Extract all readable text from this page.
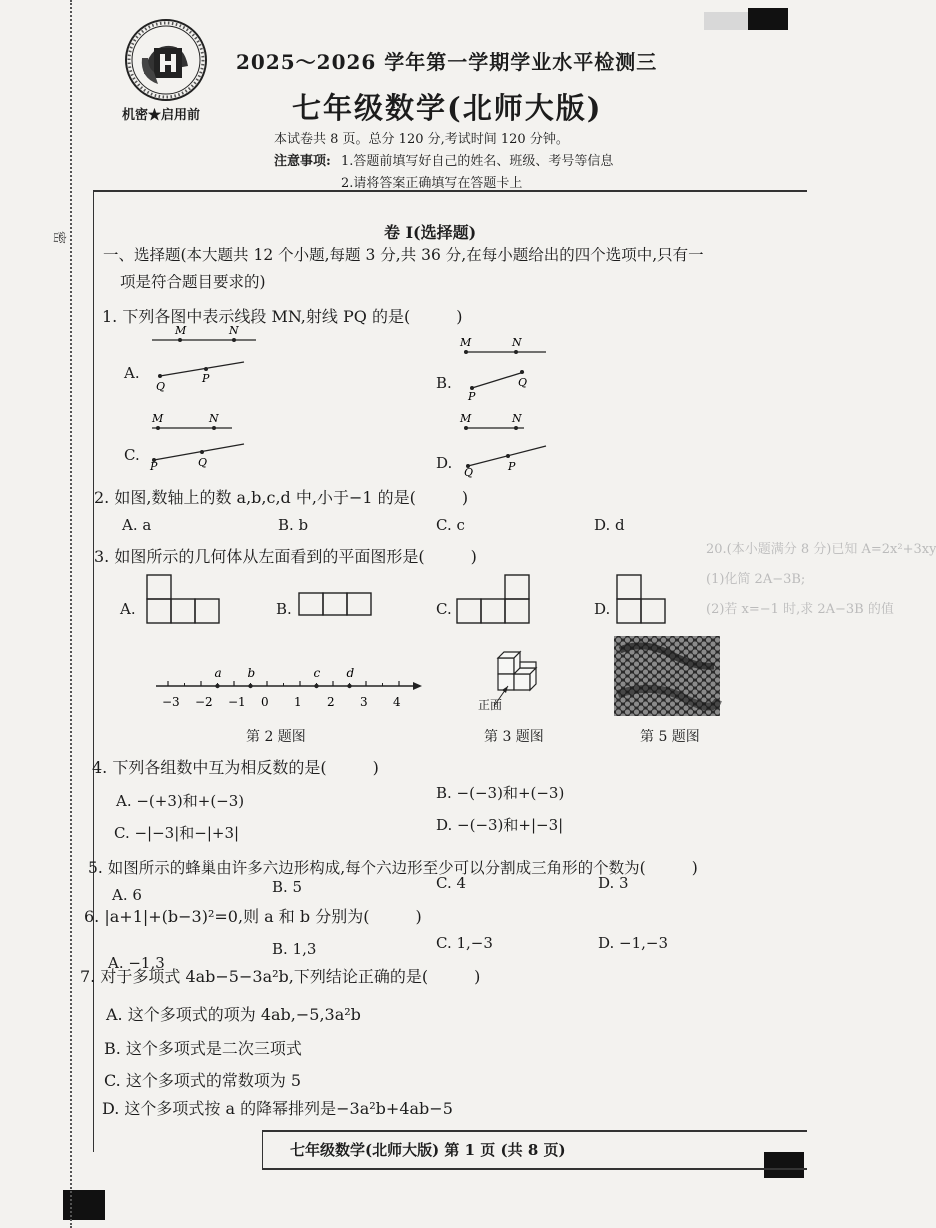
密
20.(本小题满分 8 分)已知 A=2x²+3xy
(1)化简 2A−3B;
(2)若 x=−1 时,求 2A−3B 的值
机密★启用前
2025～2026 学年第一学期学业水平检测三
七年级数学(北师大版)
本试卷共 8 页。总分 120 分,考试时间 120 分钟。
注意事项: 1.答题前填写好自己的姓名、班级、考号等信息
2.请将答案正确填写在答题卡上
卷 I(选择题)
一、选择题(本大题共 12 个小题,每题 3 分,共 36 分,在每小题给出的四个选项中,只有一
项是符合题目要求的)
1. 下列各图中表示线段 MN,射线 PQ 的是(	)
A.
B.
C.	D.
M	N
Q
P
M	N
P
Q
M	N
P	Q
M	N
Q	P
2. 如图,数轴上的数 a,b,c,d 中,小于−1 的是(	)
A. a	B. b	C. c	D. d
3. 如图所示的几何体从左面看到的平面图形是(	)
A.	B.	C.	D.
−3 −2 −1 0 1 2 3 4
a b	c d
正面
第 2 题图	第 3 题图	第 5 题图
4. 下列各组数中互为相反数的是(	)
A. −(+3)和+(−3)	B. −(−3)和+(−3)
C. −|−3|和−|+3|	D. −(−3)和+|−3|
5. 如图所示的蜂巢由许多六边形构成,每个六边形至少可以分割成三角形的个数为(	)
A. 6	B. 5	C. 4	D. 3
6. |a+1|+(b−3)²=0,则 a 和 b 分别为(	)
A. −1,3
B. 1,3	C. 1,−3	D. −1,−3
7. 对于多项式 4ab−5−3a²b,下列结论正确的是(	)
A. 这个多项式的项为 4ab,−5,3a²b
B. 这个多项式是二次三项式
C. 这个多项式的常数项为 5
D. 这个多项式按 a 的降幂排列是−3a²b+4ab−5
七年级数学(北师大版) 第 1 页 (共 8 页)
